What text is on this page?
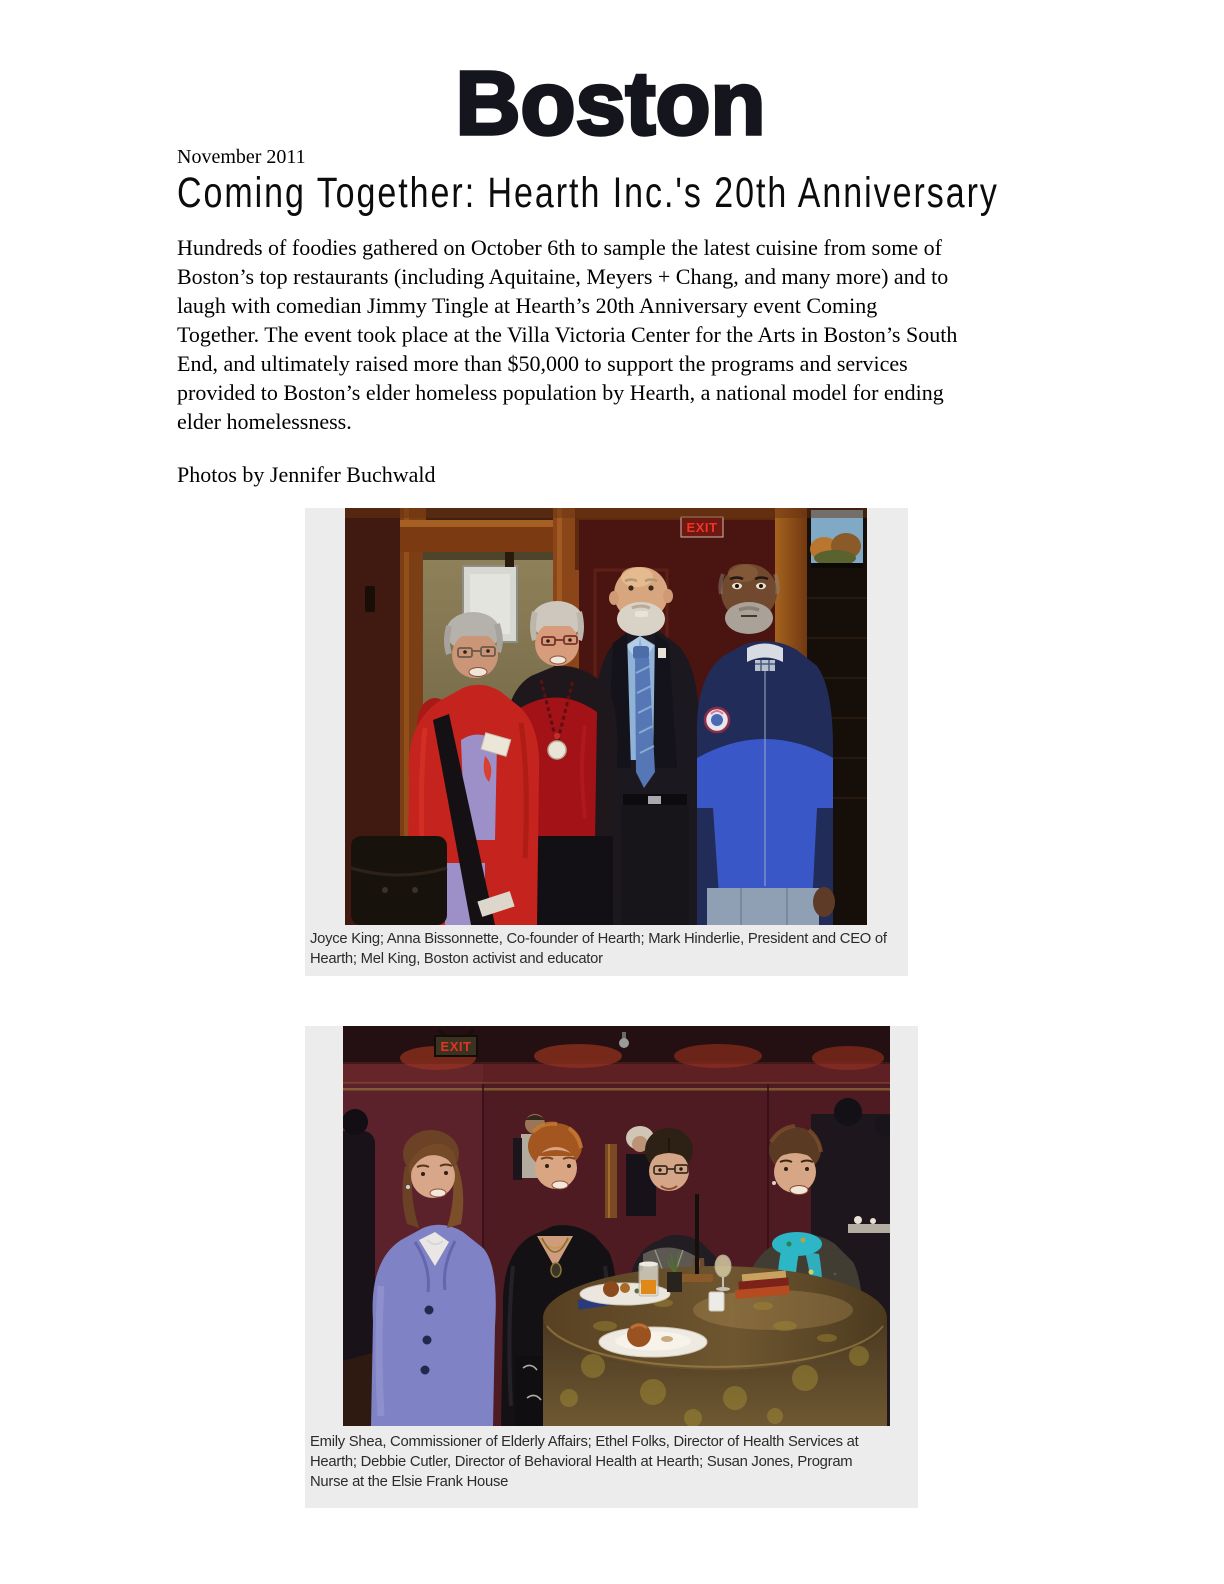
Boston
November 2011
Coming Together: Hearth Inc.'s 20th Anniversary
Hundreds of foodies gathered on October 6th to sample the latest cuisine from some of
Boston’s top restaurants (including Aquitaine, Meyers + Chang, and many more) and to
laugh with comedian Jimmy Tingle at Hearth’s 20th Anniversary event Coming
Together. The event took place at the Villa Victoria Center for the Arts in Boston’s South
End, and ultimately raised more than $50,000 to support the programs and services
provided to Boston’s elder homeless population by Hearth, a national model for ending
elder homelessness.
Photos by Jennifer Buchwald
EXIT
Joyce King; Anna Bissonnette, Co-founder of Hearth; Mark Hinderlie, President and CEO of
Hearth; Mel King, Boston activist and educator
EXIT
Emily Shea, Commissioner of Elderly Affairs; Ethel Folks, Director of Health Services at
Hearth; Debbie Cutler, Director of Behavioral Health at Hearth; Susan Jones, Program
Nurse at the Elsie Frank House
